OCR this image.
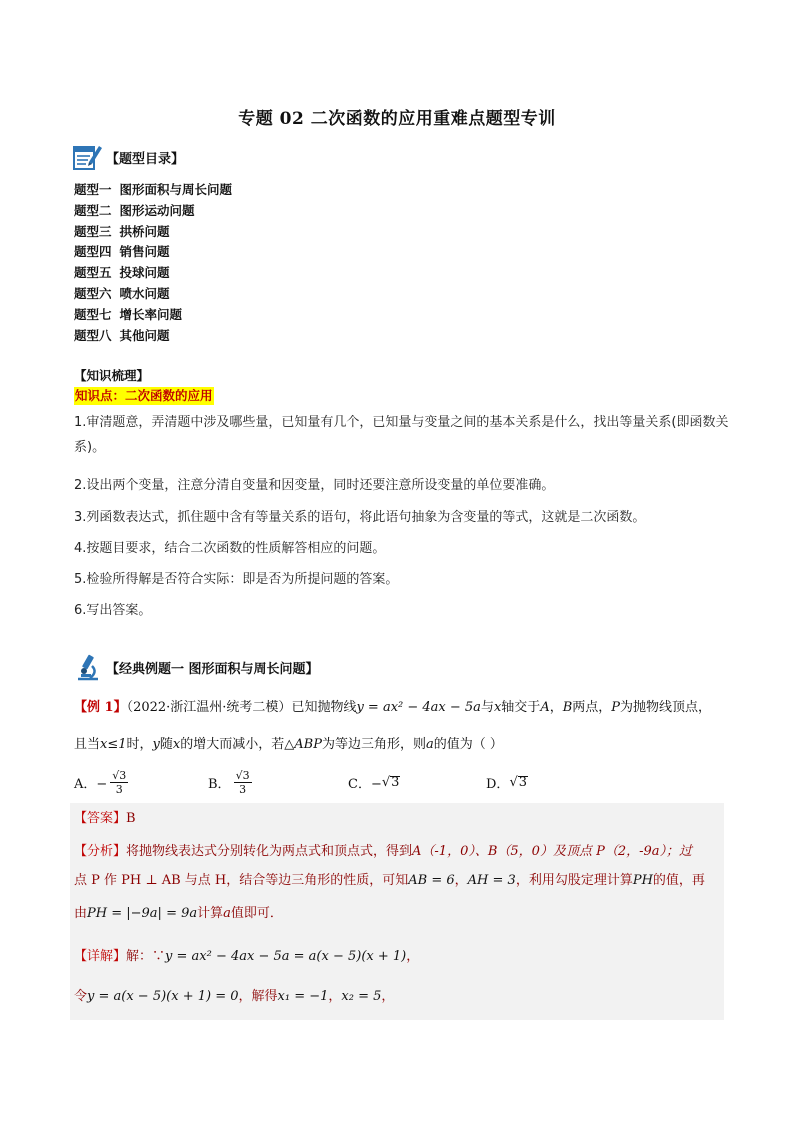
专题 02 二次函数的应用重难点题型专训
【题型目录】
题型一 图形面积与周长问题
题型二 图形运动问题
题型三 拱桥问题
题型四 销售问题
题型五 投球问题
题型六 喷水问题
题型七 增长率问题
题型八 其他问题
【知识梳理】
知识点：二次函数的应用
1.审清题意，弄清题中涉及哪些量，已知量有几个，已知量与变量之间的基本关系是什么，找出等量关系(即函数关系)。
2.设出两个变量，注意分清自变量和因变量，同时还要注意所设变量的单位要准确。
3.列函数表达式，抓住题中含有等量关系的语句，将此语句抽象为含变量的等式，这就是二次函数。
4.按题目要求，结合二次函数的性质解答相应的问题。
5.检验所得解是否符合实际：即是否为所提问题的答案。
6.写出答案。
【经典例题一 图形面积与周长问题】
【例 1】（2022·浙江温州·统考二模）已知抛物线y = ax² − 4ax − 5a与x轴交于A，B两点，P为抛物线顶点，
且当x≤1时，y随x的增大而减小，若△ABP为等边三角形，则a的值为（ ）
A．− $\frac{√3}{3}$	B． $\frac{√3}{3}$	C．− √ 3	D． √ 3
【答案】B
【分析】将抛物线表达式分别转化为两点式和顶点式，得到A（-1，0）、B（5，0）及顶点 P（2，-9a）；过
点 P 作 PH ⊥ AB 与点 H，结合等边三角形的性质，可知AB = 6，AH = 3，利用勾股定理计算PH的值，再
由PH = |−9a| = 9a计算a值即可．
【详解】解：∵y = ax² − 4ax − 5a = a(x − 5)(x + 1)，
令y = a(x − 5)(x + 1) = 0，解得x₁ = −1，x₂ = 5，
